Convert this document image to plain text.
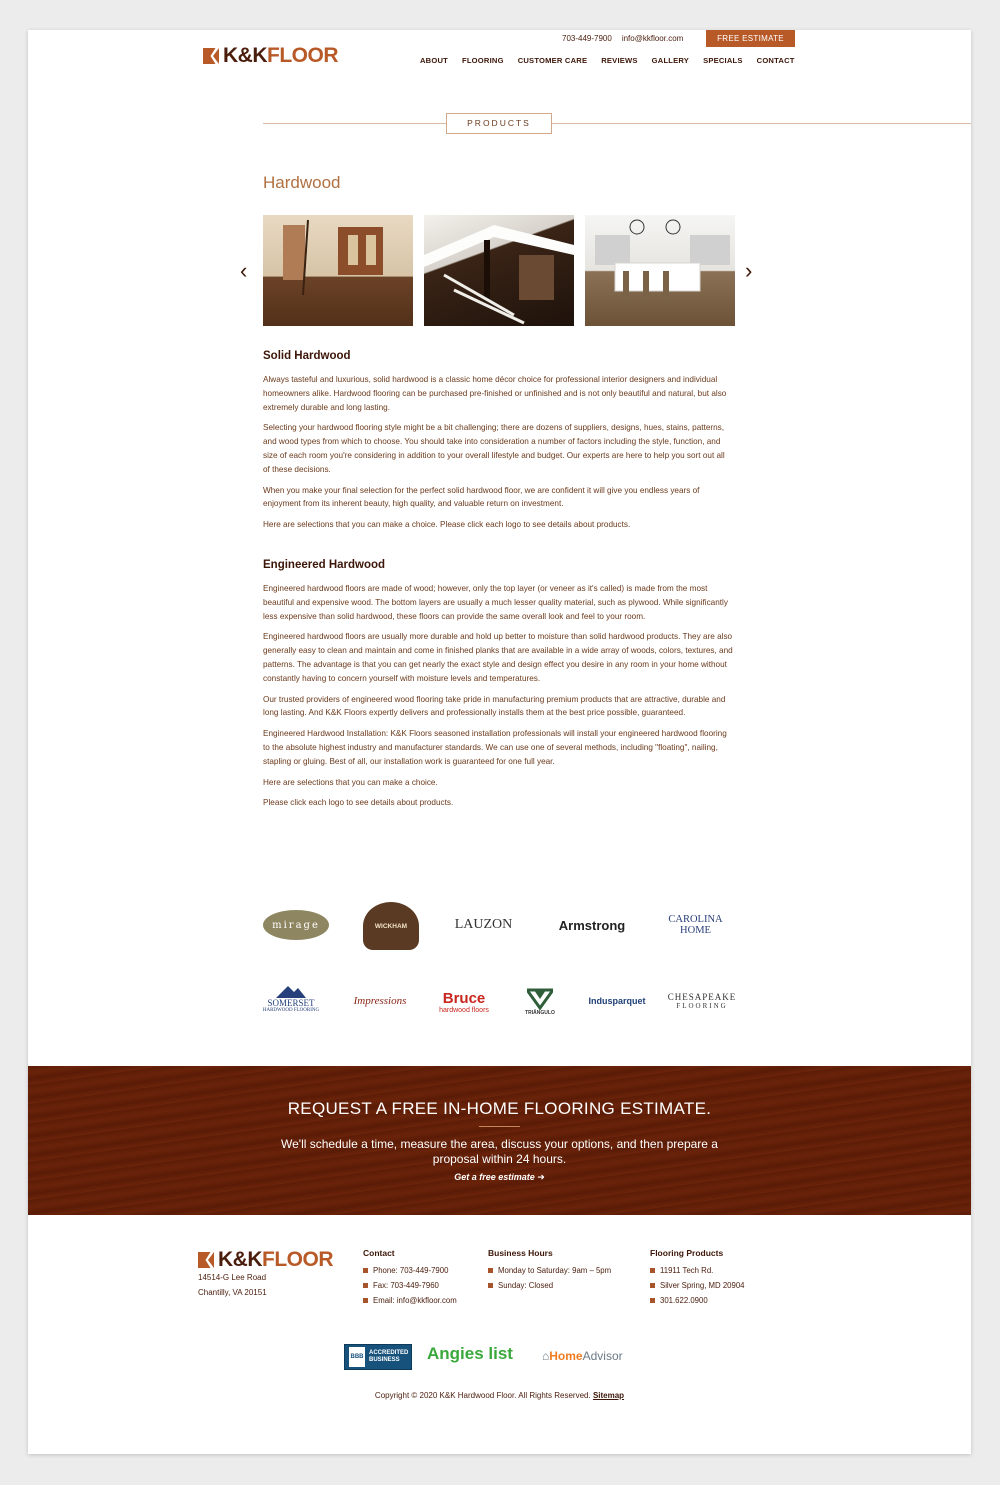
K&KFLOOR
703-449-7900 info@kkfloor.com	FREE ESTIMATE
ABOUT FLOORING CUSTOMER CARE REVIEWS GALLERY SPECIALS CONTACT
PRODUCTS
Hardwood
‹	›
Solid Hardwood

Always tasteful and luxurious, solid hardwood is a classic home décor choice for professional interior designers and individual homeowners alike. Hardwood flooring can be purchased pre-finished or unfinished and is not only beautiful and natural, but also extremely durable and long lasting.

Selecting your hardwood flooring style might be a bit challenging; there are dozens of suppliers, designs, hues, stains, patterns, and wood types from which to choose. You should take into consideration a number of factors including the style, function, and size of each room you're considering in addition to your overall lifestyle and budget. Our experts are here to help you sort out all of these decisions.

When you make your final selection for the perfect solid hardwood floor, we are confident it will give you endless years of enjoyment from its inherent beauty, high quality, and valuable return on investment.

Here are selections that you can make a choice. Please click each logo to see details about products.

Engineered Hardwood

Engineered hardwood floors are made of wood; however, only the top layer (or veneer as it's called) is made from the most beautiful and expensive wood. The bottom layers are usually a much lesser quality material, such as plywood. While significantly less expensive than solid hardwood, these floors can provide the same overall look and feel to your room.

Engineered hardwood floors are usually more durable and hold up better to moisture than solid hardwood products. They are also generally easy to clean and maintain and come in finished planks that are available in a wide array of woods, colors, textures, and patterns. The advantage is that you can get nearly the exact style and design effect you desire in any room in your home without constantly having to concern yourself with moisture levels and temperatures.

Our trusted providers of engineered wood flooring take pride in manufacturing premium products that are attractive, durable and long lasting. And K&K Floors expertly delivers and professionally installs them at the best price possible, guaranteed.

Engineered Hardwood Installation: K&K Floors seasoned installation professionals will install your engineered hardwood flooring to the absolute highest industry and manufacturer standards. We can use one of several methods, including "floating", nailing, stapling or gluing. Best of all, our installation work is guaranteed for one full year.

Here are selections that you can make a choice.

Please click each logo to see details about products.

mirage	WICKHAM	LAUZON	Armstrong	CAROLINA HOME
SOMERSET
HARDWOOD FLOORING
Impressions	Bruce
hardwood floors	TRIÂNGULO
Indusparquet	CHESAPEAKE
FLOORING
REQUEST A FREE IN-HOME FLOORING ESTIMATE.
We'll schedule a time, measure the area, discuss your options, and then prepare a proposal within 24 hours.
Get a free estimate ➜
K&KFLOOR
14514-G Lee Road
Chantilly, VA 20151
Contact
Phone: 703-449-7900
Fax: 703-449-7960
Email: info@kkfloor.com
Business Hours
Monday to Saturday: 9am – 5pm
Sunday: Closed
Flooring Products
11911 Tech Rd.
Silver Spring, MD 20904
301.622.0900
BBB
ACCREDITED BUSINESS	Angies list ⌂HomeAdvisor
Copyright © 2020 K&K Hardwood Floor. All Rights Reserved. Sitemap
